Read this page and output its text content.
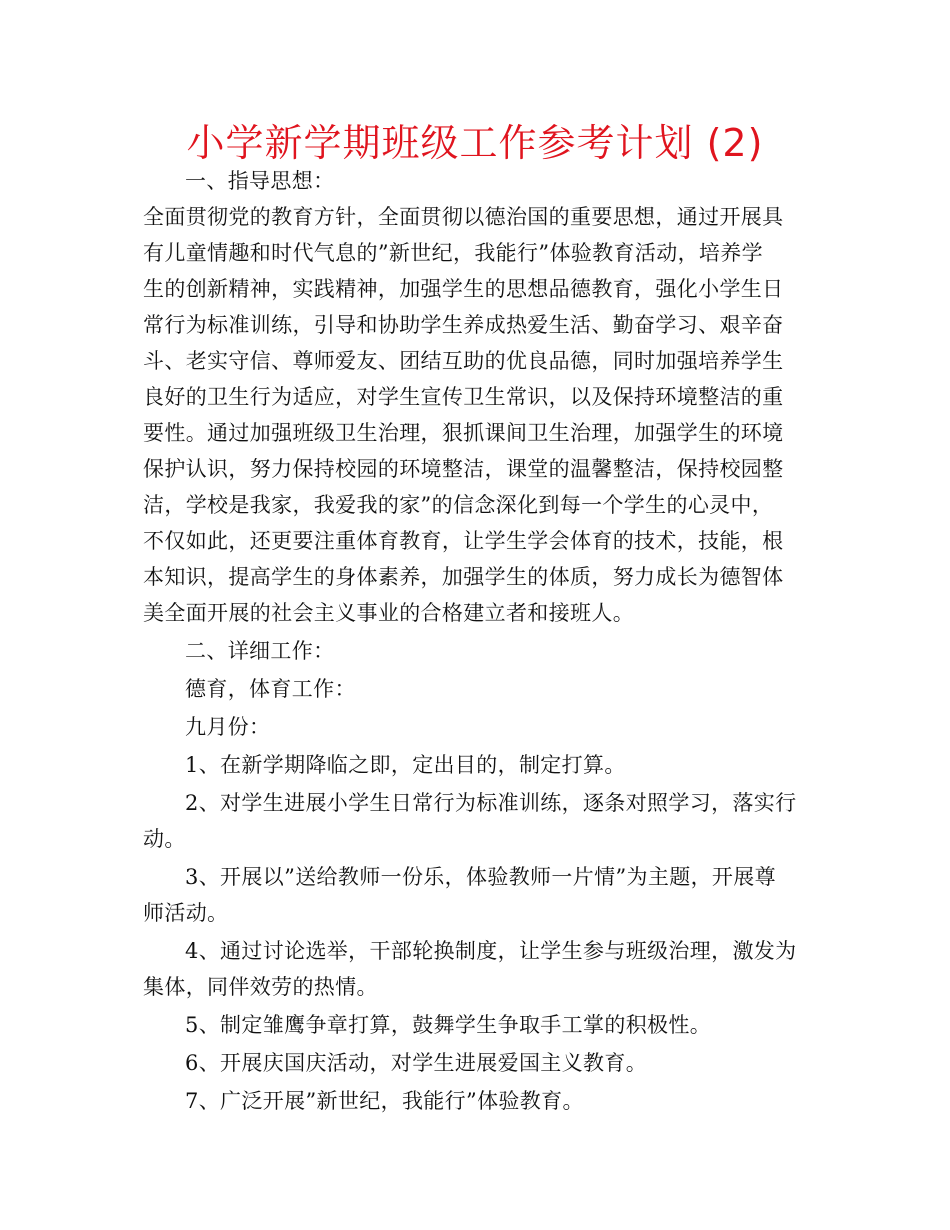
小学新学期班级工作参考计划 (2)
一、指导思想：
全面贯彻党的教育方针，全面贯彻以德治国的重要思想，通过开展具
有儿童情趣和时代气息的”新世纪，我能行”体验教育活动，培养学
生的创新精神，实践精神，加强学生的思想品德教育，强化小学生日
常行为标准训练，引导和协助学生养成热爱生活、勤奋学习、艰辛奋
斗、老实守信、尊师爱友、团结互助的优良品德，同时加强培养学生
良好的卫生行为适应，对学生宣传卫生常识，以及保持环境整洁的重
要性。通过加强班级卫生治理，狠抓课间卫生治理，加强学生的环境
保护认识，努力保持校园的环境整洁，课堂的温馨整洁，保持校园整
洁，学校是我家，我爱我的家”的信念深化到每一个学生的心灵中，
不仅如此，还更要注重体育教育，让学生学会体育的技术，技能，根
本知识，提高学生的身体素养，加强学生的体质，努力成长为德智体
美全面开展的社会主义事业的合格建立者和接班人。
二、详细工作：
德育，体育工作：
九月份：
1、在新学期降临之即，定出目的，制定打算。
2、对学生进展小学生日常行为标准训练，逐条对照学习，落实行
动。
3、开展以”送给教师一份乐，体验教师一片情”为主题，开展尊
师活动。
4、通过讨论选举，干部轮换制度，让学生参与班级治理，激发为
集体，同伴效劳的热情。
5、制定雏鹰争章打算，鼓舞学生争取手工掌的积极性。
6、开展庆国庆活动，对学生进展爱国主义教育。
7、广泛开展”新世纪，我能行”体验教育。
